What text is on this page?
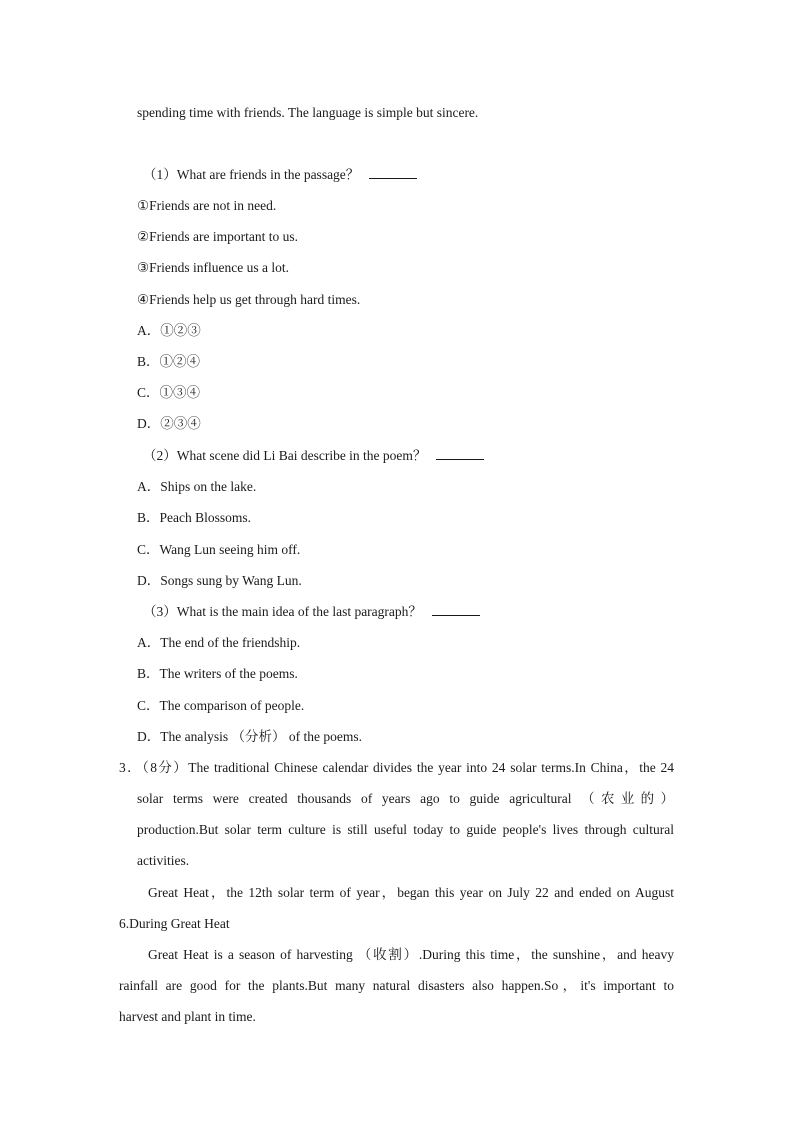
spending time with friends. The language is simple but sincere.
（1）What are friends in the passage？
①Friends are not in need.
②Friends are important to us.
③Friends influence us a lot.
④Friends help us get through hard times.
A．①②③
B．①②④
C．①③④
D．②③④
（2）What scene did Li Bai describe in the poem？
A．Ships on the lake.
B．Peach Blossoms.
C．Wang Lun seeing him off.
D．Songs sung by Wang Lun.
（3）What is the main idea of the last paragraph？
A．The end of the friendship.
B．The writers of the poems.
C．The comparison of people.
D．The analysis （分析） of the poems.
3．（8分）The traditional Chinese calendar divides the year into 24 solar terms.In China，the 24
solar terms were created thousands of years ago to guide agricultural （农业的）
production.But solar term culture is still useful today to guide people's lives through cultural
activities.
Great Heat，the 12th solar term of year，began this year on July 22 and ended on August
6.During Great Heat
Great Heat is a season of harvesting （收割）.During this time，the sunshine，and heavy
rainfall are good for the plants.But many natural disasters also happen.So，it's important to
harvest and plant in time.
